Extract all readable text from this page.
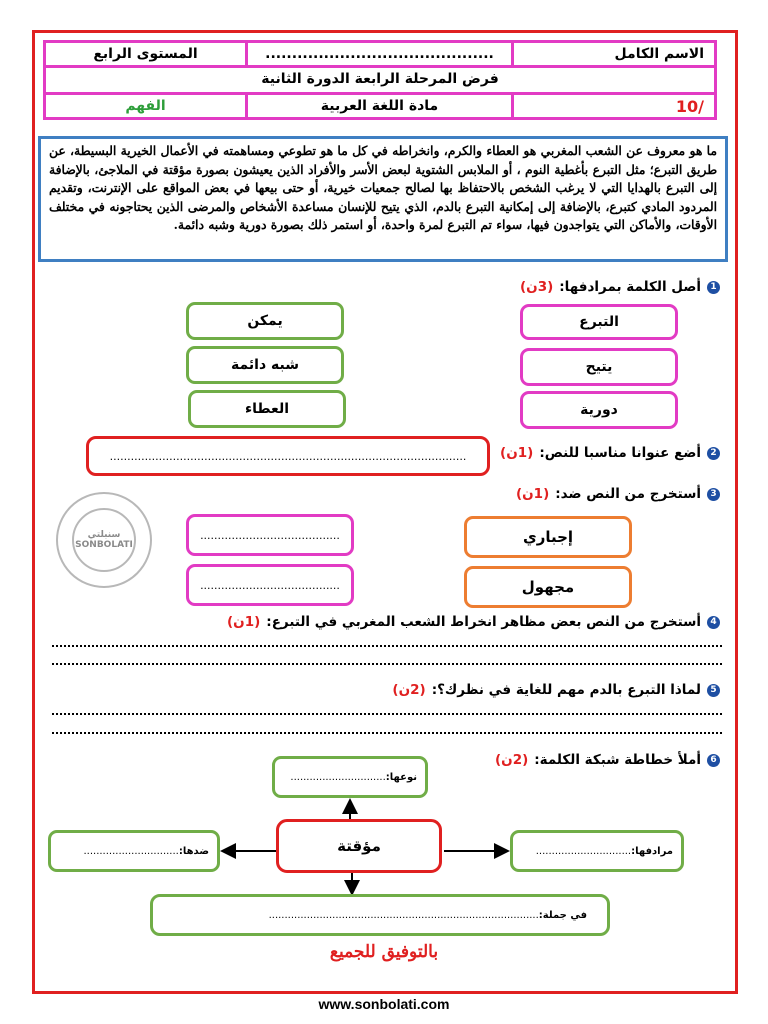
المستوى الرابع	...........................................	الاسم الكامل
فرض المرحلة الرابعة الدورة الثانية
الفهم	مادة اللغة العربية	/10
ما هو معروف عن الشعب المغربي هو العطاء والكرم، وانخراطه في كل ما هو تطوعي ومساهمته في الأعمال الخيرية البسيطة، عن طريق التبرع؛ مثل التبرع بأغطية النوم ، أو الملابس الشتوية لبعض الأسر والأفراد الذين يعيشون بصورة مؤقتة في الملاجئ، بالإضافة إلى التبرع بالهدايا التي لا يرغب الشخص بالاحتفاظ بها لصالح جمعيات خيرية، أو حتى بيعها في بعض المواقع على الإنترنت، وتقديم المردود المادي كتبرع، بالإضافة إلى إمكانية التبرع بالدم، الذي يتيح للإنسان مساعدة الأشخاص والمرضى الذين يحتاجونه في مختلف الأوقات، والأماكن التي يتواجدون فيها، سواء تم التبرع لمرة واحدة، أو استمر ذلك بصورة دورية وشبه دائمة.
1
أصل الكلمة بمرادفها:
(3ن)
يمكن
شبه دائمة
العطاء
التبرع
يتيح
دورية
......................................................................................................	2
أضع عنوانا مناسبا للنص:
(1ن)
3
أستخرج من النص ضد:
(1ن)
سنبلتي
SONBOLATI
........................................
........................................
إجباري
مجهول
4
أستخرج من النص بعض مظاهر انخراط الشعب المغربي في التبرع:
(1ن)
5
لماذا التبرع بالدم مهم للغاية في نظرك؟:
(2ن)
6
أملأ خطاطة شبكة الكلمة:
(2ن)
نوعها:
..............................
ضدها:
..............................	مؤقتة	مرادفها:
..............................
في جملة:
.....................................................................................
بالتوفيق للجميع
www.sonbolati.com
